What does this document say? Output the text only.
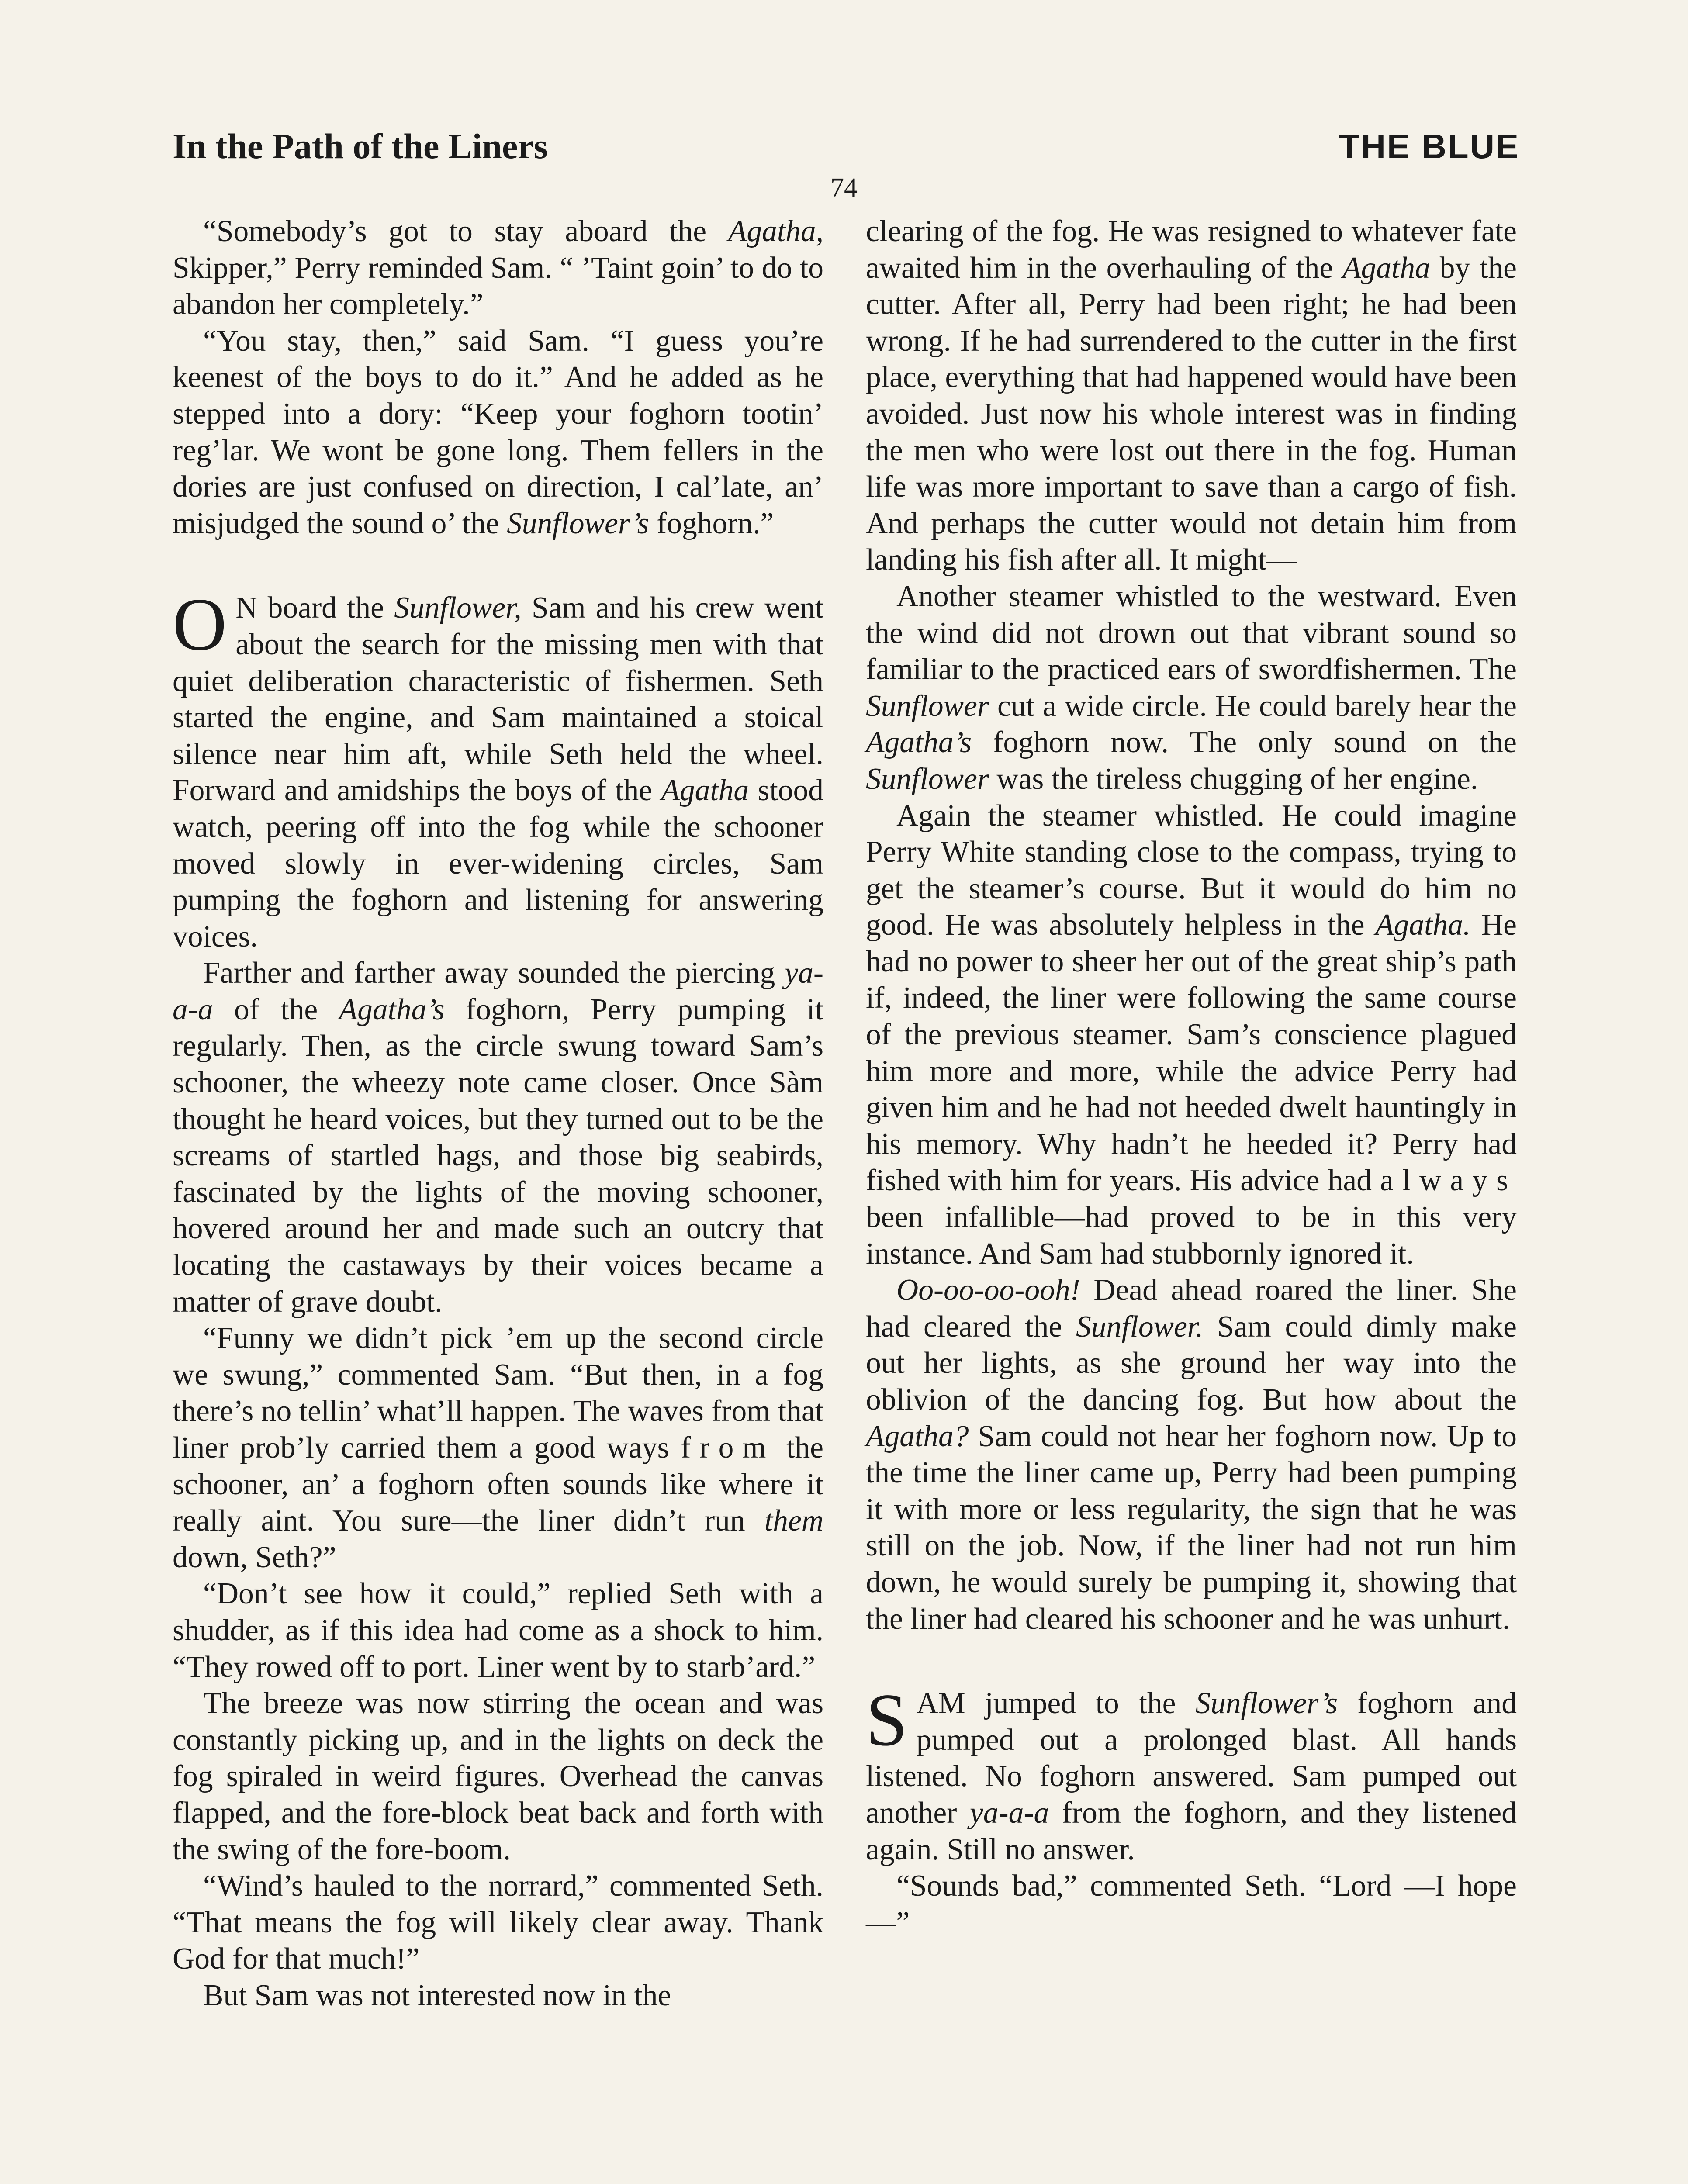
In the Path of the Liners	THE BLUE
74

“Somebody’s got to stay aboard the Agatha, Skipper,” Perry reminded Sam. “ ’Taint goin’ to do to abandon her completely.”

“You stay, then,” said Sam. “I guess you’re keenest of the boys to do it.” And he added as he stepped into a dory: “Keep your foghorn tootin’ reg’lar. We wont be gone long. Them fellers in the dories are just confused on direction, I cal’late, an’ misjudged the sound o’ the Sunflower’s foghorn.”

O N board the Sunflower, Sam and his crew went about the search for the missing men with that quiet deliberation characteristic of fishermen. Seth started the engine, and Sam maintained a stoical silence near him aft, while Seth held the wheel. Forward and amidships the boys of the Agatha stood watch, peering off into the fog while the schooner moved slowly in ever-widening circles, Sam pumping the foghorn and listening for answering voices.

Farther and farther away sounded the piercing ya-a-a of the Agatha’s foghorn, Perry pumping it regularly. Then, as the circle swung toward Sam’s schooner, the wheezy note came closer. Once Sàm thought he heard voices, but they turned out to be the screams of startled hags, and those big seabirds, fascinated by the lights of the moving schooner, hovered around her and made such an outcry that locating the castaways by their voices became a matter of grave doubt.

“Funny we didn’t pick ’em up the second circle we swung,” commented Sam. “But then, in a fog there’s no tellin’ what’ll happen. The waves from that liner prob’ly carried them a good ways from the schooner, an’ a foghorn often sounds like where it really aint. You sure—the liner didn’t run them down, Seth?”

“Don’t see how it could,” replied Seth with a shudder, as if this idea had come as a shock to him. “They rowed off to port. Liner went by to starb’ard.”

The breeze was now stirring the ocean and was constantly picking up, and in the lights on deck the fog spiraled in weird figures. Overhead the canvas flapped, and the fore-block beat back and forth with the swing of the fore-boom.

“Wind’s hauled to the norrard,” commented Seth. “That means the fog will likely clear away. Thank God for that much!”

But Sam was not interested now in the

clearing of the fog. He was resigned to whatever fate awaited him in the overhauling of the Agatha by the cutter. After all, Perry had been right; he had been wrong. If he had surrendered to the cutter in the first place, everything that had happened would have been avoided. Just now his whole interest was in finding the men who were lost out there in the fog. Human life was more important to save than a cargo of fish. And perhaps the cutter would not detain him from landing his fish after all. It might—

Another steamer whistled to the westward. Even the wind did not drown out that vibrant sound so familiar to the practiced ears of swordfishermen. The Sunflower cut a wide circle. He could barely hear the Agatha’s foghorn now. The only sound on the Sunflower was the tireless chugging of her engine.

Again the steamer whistled. He could imagine Perry White standing close to the compass, trying to get the steamer’s course. But it would do him no good. He was absolutely helpless in the Agatha. He had no power to sheer her out of the great ship’s path if, indeed, the liner were following the same course of the previous steamer. Sam’s conscience plagued him more and more, while the advice Perry had given him and he had not heeded dwelt hauntingly in his memory. Why hadn’t he heeded it? Perry had fished with him for years. His advice had always been infallible—had proved to be in this very instance. And Sam had stubbornly ignored it.

Oo-oo-oo-ooh! Dead ahead roared the liner. She had cleared the Sunflower. Sam could dimly make out her lights, as she ground her way into the oblivion of the dancing fog. But how about the Agatha? Sam could not hear her foghorn now. Up to the time the liner came up, Perry had been pumping it with more or less regularity, the sign that he was still on the job. Now, if the liner had not run him down, he would surely be pumping it, showing that the liner had cleared his schooner and he was unhurt.

SAM jumped to the Sunflower’s foghorn and pumped out a prolonged blast. All hands listened. No foghorn answered. Sam pumped out another ya-a-a from the foghorn, and they listened again. Still no answer.

“Sounds bad,” commented Seth. “Lord —I hope—”
